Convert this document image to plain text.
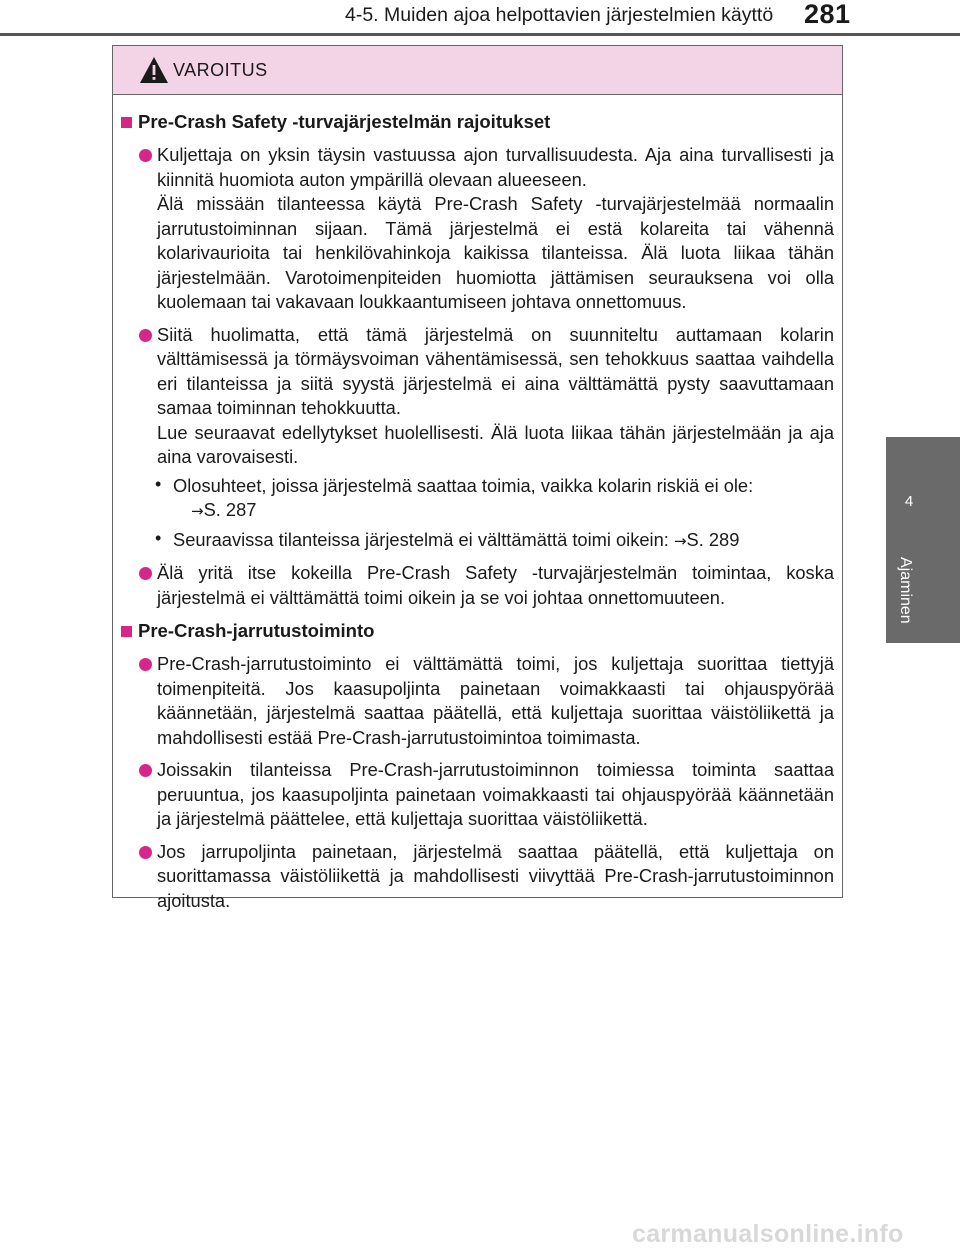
4-5. Muiden ajoa helpottavien järjestelmien käyttö 281
4
Ajaminen
VAROITUS
Pre-Crash Safety -turvajärjestelmän rajoitukset

Kuljettaja on yksin täysin vastuussa ajon turvallisuudesta. Aja aina turvallisesti ja kiinnitä huomiota auton ympärillä olevaan alueeseen.

Älä missään tilanteessa käytä Pre-Crash Safety -turvajärjestelmää normaalin jarrutustoiminnan sijaan. Tämä järjestelmä ei estä kolareita tai vähennä kolarivaurioita tai henkilövahinkoja kaikissa tilanteissa. Älä luota liikaa tähän järjestelmään. Varotoimenpiteiden huomiotta jättämisen seurauksena voi olla kuolemaan tai vakavaan loukkaantumiseen johtava onnettomuus.

Siitä huolimatta, että tämä järjestelmä on suunniteltu auttamaan kolarin välttämisessä ja törmäysvoiman vähentämisessä, sen tehokkuus saattaa vaihdella eri tilanteissa ja siitä syystä järjestelmä ei aina välttämättä pysty saavuttamaan samaa toiminnan tehokkuutta.

Lue seuraavat edellytykset huolellisesti. Älä luota liikaa tähän järjestelmään ja aja aina varovaisesti.

• Olosuhteet, joissa järjestelmä saattaa toimia, vaikka kolarin riskiä ei ole:

→S. 287

• Seuraavissa tilanteissa järjestelmä ei välttämättä toimi oikein: →S. 289

Älä yritä itse kokeilla Pre-Crash Safety -turvajärjestelmän toimintaa, koska järjestelmä ei välttämättä toimi oikein ja se voi johtaa onnettomuuteen.

Pre-Crash-jarrutustoiminto

Pre-Crash-jarrutustoiminto ei välttämättä toimi, jos kuljettaja suorittaa tiettyjä toimenpiteitä. Jos kaasupoljinta painetaan voimakkaasti tai ohjauspyörää käännetään, järjestelmä saattaa päätellä, että kuljettaja suorittaa väistöliikettä ja mahdollisesti estää Pre-Crash-jarrutustoimintoa toimimasta.

Joissakin tilanteissa Pre-Crash-jarrutustoiminnon toimiessa toiminta saattaa peruuntua, jos kaasupoljinta painetaan voimakkaasti tai ohjauspyörää käännetään ja järjestelmä päättelee, että kuljettaja suorittaa väistöliikettä.

Jos jarrupoljinta painetaan, järjestelmä saattaa päätellä, että kuljettaja on suorittamassa väistöliikettä ja mahdollisesti viivyttää Pre-Crash-jarrutustoiminnon ajoitusta.

carmanualsonline.info
